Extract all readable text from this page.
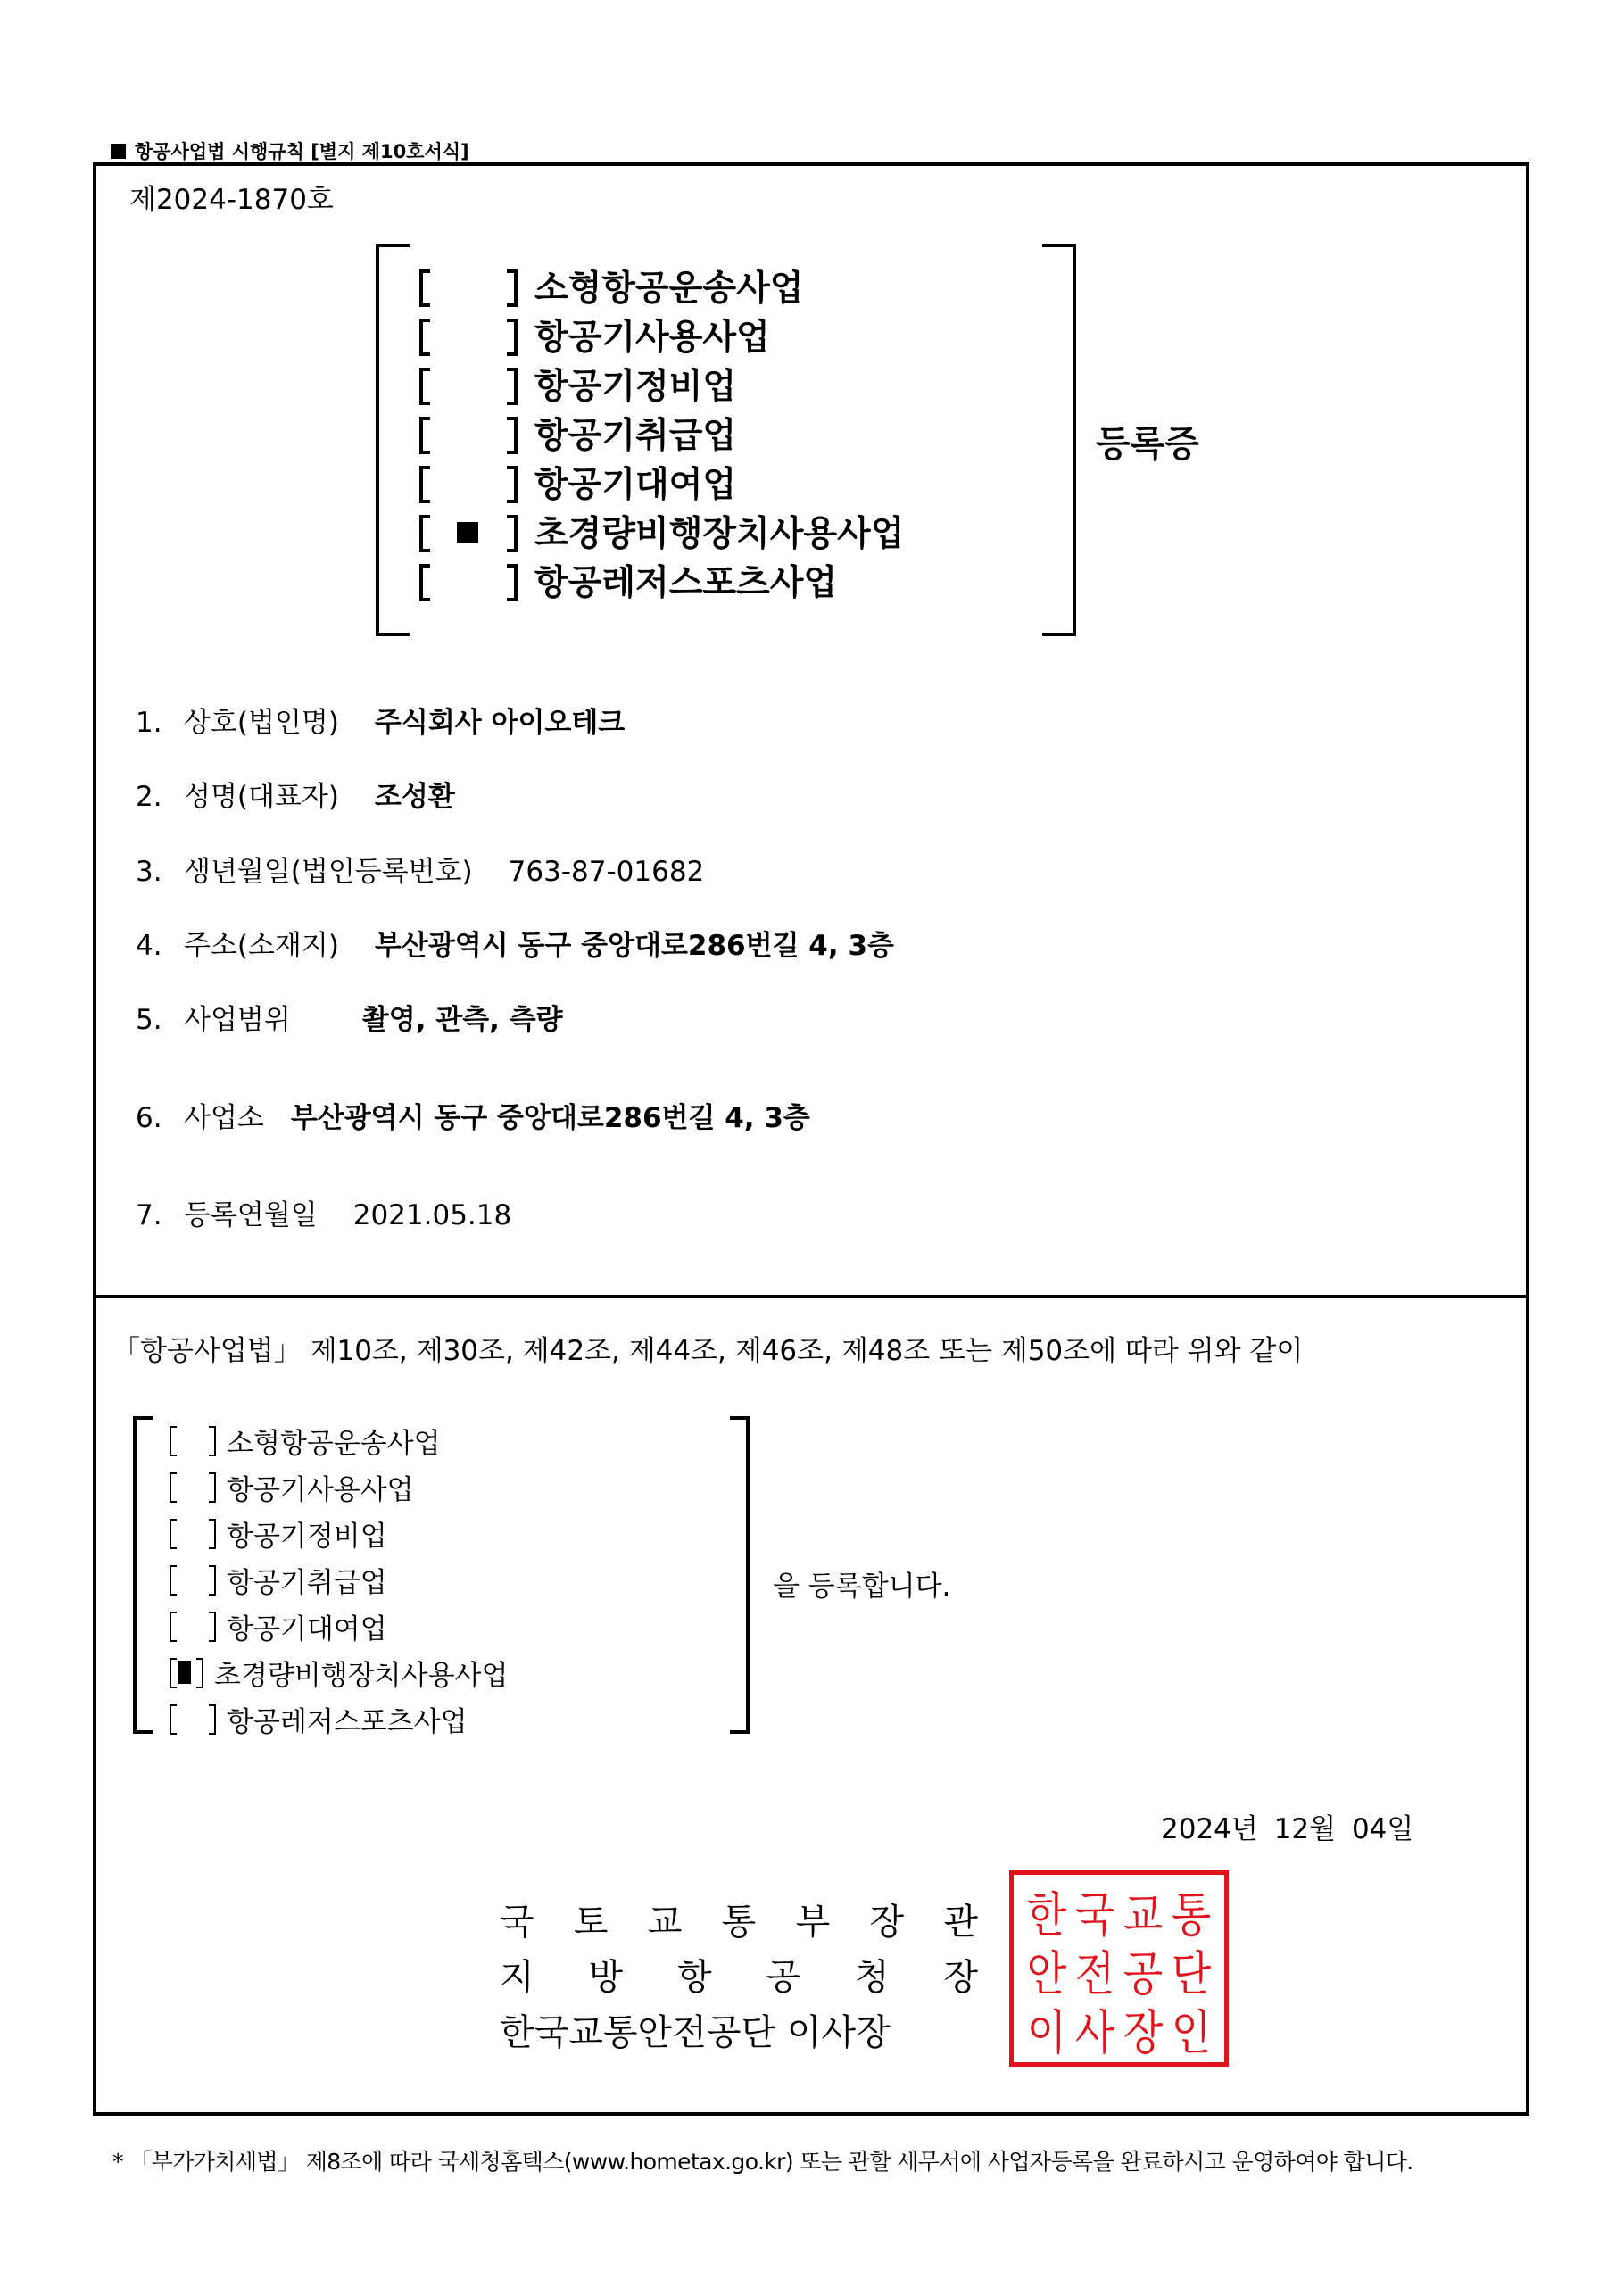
항공사업법 시행규칙 [별지 제10호서식]
제2024-1870호
소형항공운송사업
항공기사용사업
항공기정비업
항공기취급업
항공기대여업
초경량비행장치사용사업
항공레저스포츠사업
등록증
1. 상호(법인명) 주식회사 아이오테크
2. 성명(대표자) 조성환
3. 생년월일(법인등록번호) 763-87-01682
4. 주소(소재지) 부산광역시 동구 중앙대로286번길 4, 3층
5. 사업범위	촬영, 관측, 측량
6. 사업소 부산광역시 동구 중앙대로286번길 4, 3층
7. 등록연월일 2021.05.18
「항공사업법」 제10조, 제30조, 제42조, 제44조, 제46조, 제48조 또는 제50조에 따라 위와 같이
소형항공운송사업
항공기사용사업
항공기정비업
항공기취급업
항공기대여업
초경량비행장치사용사업
항공레저스포츠사업
을 등록합니다.
2024년 12월 04일
국 토 교 통 부 장 관
지 방 항 공 청 장
한국교통안전공단 이사장
한 국 교 통
안 전 공 단
이 사 장 인
* 「부가가치세법」 제8조에 따라 국세청홈텍스(www.hometax.go.kr) 또는 관할 세무서에 사업자등록을 완료하시고 운영하여야 합니다.
